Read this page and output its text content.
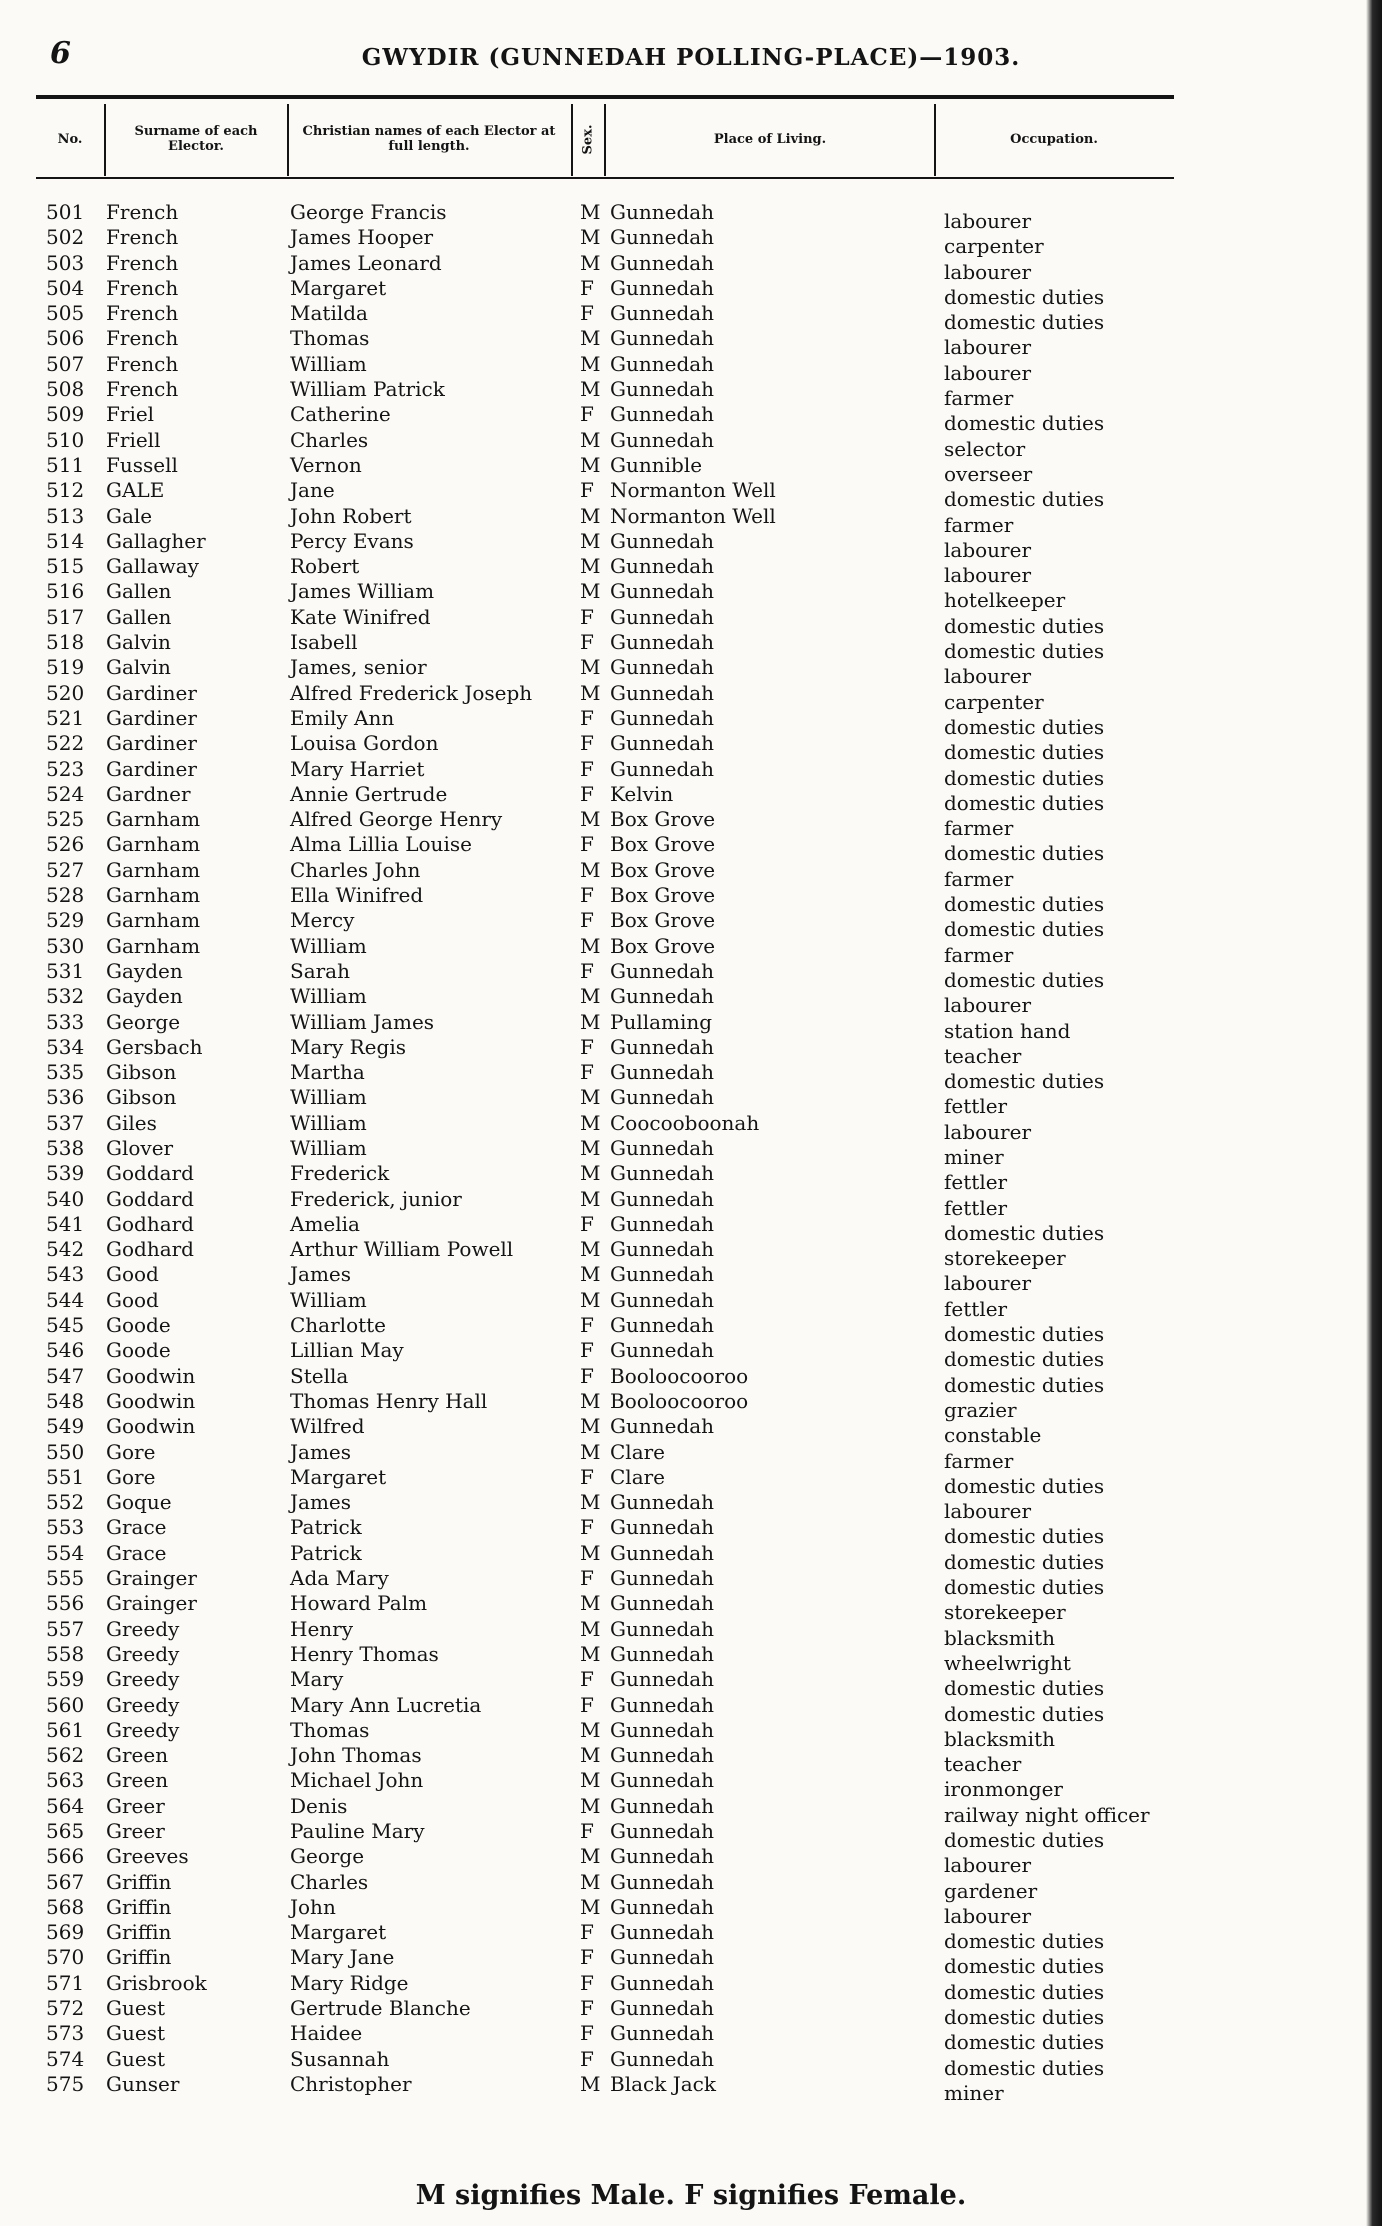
6	GWYDIR (GUNNEDAH POLLING-PLACE)—1903.
No.	Surname of each Elector.
Christian names of each Elector at full length.	Sex.	Place of Living.	Occupation.
501 French	George Francis	M Gunnedah	labourer
502 French	James Hooper	M Gunnedah	carpenter
503 French	James Leonard	M Gunnedah	labourer
504 French	Margaret	F Gunnedah	domestic duties
505 French	Matilda	F Gunnedah	domestic duties
506 French	Thomas	M Gunnedah	labourer
507 French	William	M Gunnedah	labourer
508 French	William Patrick	M Gunnedah	farmer
509 Friel	Catherine	F Gunnedah	domestic duties
510 Friell	Charles	M Gunnedah	selector
511 Fussell	Vernon	M Gunnible	overseer
512 GALE	Jane	F Normanton Well	domestic duties
513 Gale	John Robert	M Normanton Well	farmer
514 Gallagher	Percy Evans	M Gunnedah	labourer
515 Gallaway	Robert	M Gunnedah	labourer
516 Gallen	James William	M Gunnedah	hotelkeeper
517 Gallen	Kate Winifred	F Gunnedah	domestic duties
518 Galvin	Isabell	F Gunnedah	domestic duties
519 Galvin	James, senior	M Gunnedah	labourer
520 Gardiner	Alfred Frederick Joseph M Gunnedah	carpenter
521 Gardiner	Emily Ann	F Gunnedah	domestic duties
522 Gardiner	Louisa Gordon	F Gunnedah	domestic duties
523 Gardiner	Mary Harriet	F Gunnedah	domestic duties
524 Gardner	Annie Gertrude	F Kelvin	domestic duties
525 Garnham	Alfred George Henry	M Box Grove	farmer
526 Garnham	Alma Lillia Louise	F Box Grove	domestic duties
527 Garnham	Charles John	M Box Grove	farmer
528 Garnham	Ella Winifred	F Box Grove	domestic duties
529 Garnham	Mercy	F Box Grove	domestic duties
530 Garnham	William	M Box Grove	farmer
531 Gayden	Sarah	F Gunnedah	domestic duties
532 Gayden	William	M Gunnedah	labourer
533 George	William James	M Pullaming	station hand
534 Gersbach	Mary Regis	F Gunnedah	teacher
535 Gibson	Martha	F Gunnedah	domestic duties
536 Gibson	William	M Gunnedah	fettler
537 Giles	William	M Coocooboonah	labourer
538 Glover	William	M Gunnedah	miner
539 Goddard	Frederick	M Gunnedah	fettler
540 Goddard	Frederick, junior	M Gunnedah	fettler
541 Godhard	Amelia	F Gunnedah	domestic duties
542 Godhard	Arthur William Powell	M Gunnedah	storekeeper
543 Good	James	M Gunnedah	labourer
544 Good	William	M Gunnedah	fettler
545 Goode	Charlotte	F Gunnedah	domestic duties
546 Goode	Lillian May	F Gunnedah	domestic duties
547 Goodwin	Stella	F Booloocooroo	domestic duties
548 Goodwin	Thomas Henry Hall	M Booloocooroo	grazier
549 Goodwin	Wilfred	M Gunnedah	constable
550 Gore	James	M Clare	farmer
551 Gore	Margaret	F Clare	domestic duties
552 Goque	James	M Gunnedah	labourer
553 Grace	Patrick	F Gunnedah	domestic duties
554 Grace	Patrick	M Gunnedah	domestic duties
555 Grainger	Ada Mary	F Gunnedah	domestic duties
556 Grainger	Howard Palm	M Gunnedah	storekeeper
557 Greedy	Henry	M Gunnedah	blacksmith
558 Greedy	Henry Thomas	M Gunnedah	wheelwright
559 Greedy	Mary	F Gunnedah	domestic duties
560 Greedy	Mary Ann Lucretia	F Gunnedah	domestic duties
561 Greedy	Thomas	M Gunnedah	blacksmith
562 Green	John Thomas	M Gunnedah	teacher
563 Green	Michael John	M Gunnedah	ironmonger
564 Greer	Denis	M Gunnedah	railway night officer
565 Greer	Pauline Mary	F Gunnedah	domestic duties
566 Greeves	George	M Gunnedah	labourer
567 Griffin	Charles	M Gunnedah	gardener
568 Griffin	John	M Gunnedah	labourer
569 Griffin	Margaret	F Gunnedah	domestic duties
570 Griffin	Mary Jane	F Gunnedah	domestic duties
571 Grisbrook	Mary Ridge	F Gunnedah	domestic duties
572 Guest	Gertrude Blanche	F Gunnedah	domestic duties
573 Guest	Haidee	F Gunnedah	domestic duties
574 Guest	Susannah	F Gunnedah	domestic duties
575 Gunser	Christopher	M Black Jack	miner
M signifies Male. F signifies Female.
